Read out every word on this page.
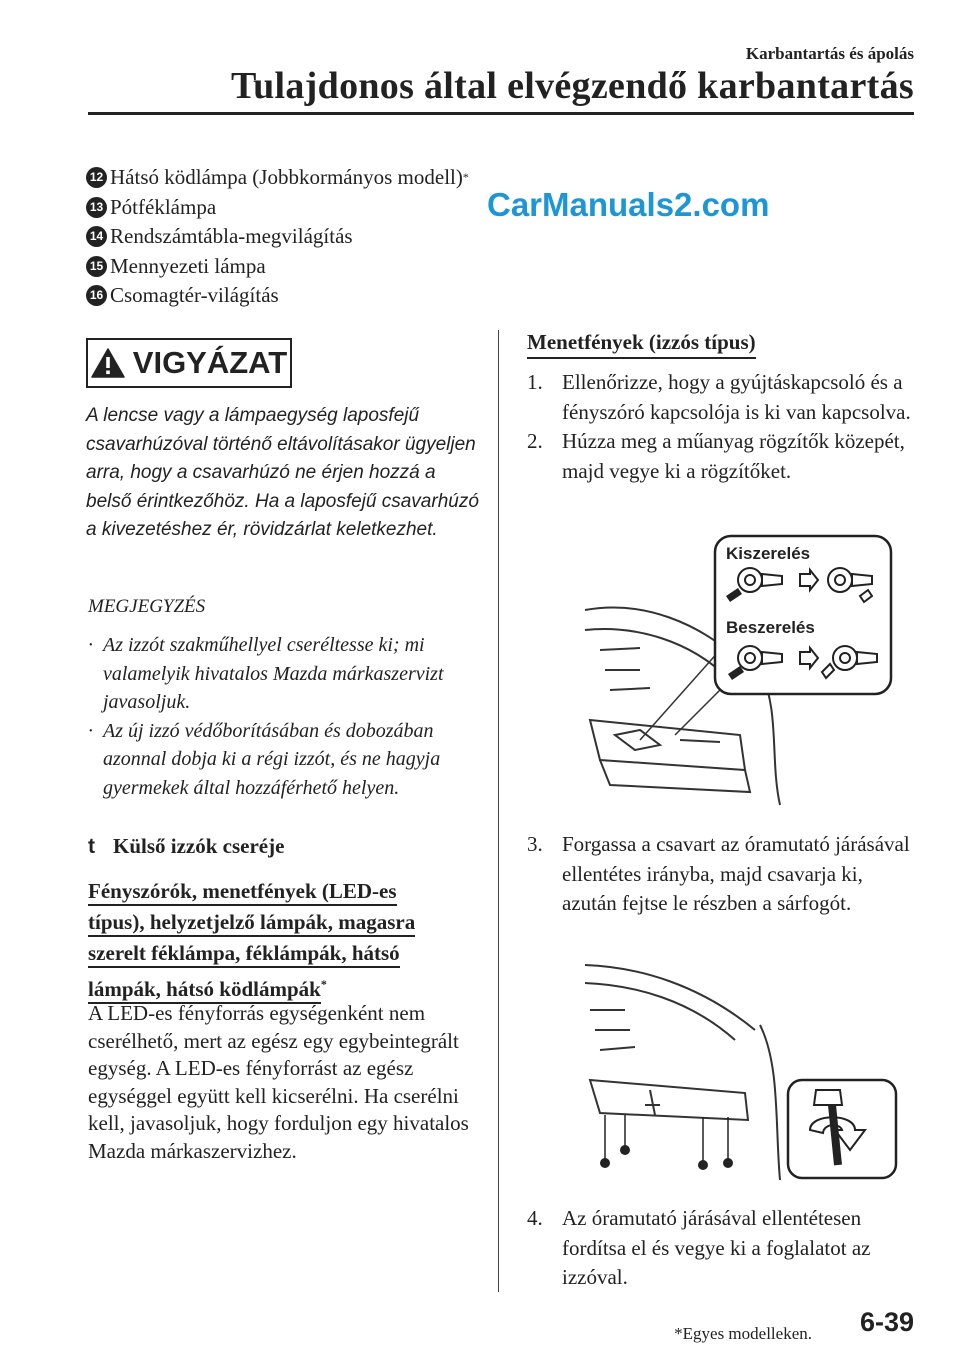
Karbantartás és ápolás
Tulajdonos által elvégzendő karbantartás
12 Hátsó ködlámpa (Jobbkormányos modell) *
13 Pótféklámpa
14 Rendszámtábla-megvilágítás
15 Mennyezeti lámpa
16 Csomagtér-világítás
CarManuals2.com
VIGYÁZAT
A lencse vagy a lámpaegység laposfejű csavarhúzóval történő eltávolításakor ügyeljen arra, hogy a csavarhúzó ne érjen hozzá a belső érintkezőhöz. Ha a laposfejű csavarhúzó a kivezetéshez ér, rövidzárlat keletkezhet.
MEGJEGYZÉS
· Az izzót szakműhellyel cseréltesse ki; mi valamelyik hivatalos Mazda márkaszervizt javasoljuk.
· Az új izzó védőborításában és dobozában azonnal dobja ki a régi izzót, és ne hagyja gyermekek által hozzáférhető helyen.
t Külső izzók cseréje
Fényszórók, menetfények (LED-es
típus), helyzetjelző lámpák, magasra
szerelt féklámpa, féklámpák, hátsó
lámpák, hátsó ködlámpák*
A LED-es fényforrás egységenként nem cserélhető, mert az egész egy egybeintegrált egység. A LED-es fényforrást az egész egységgel együtt kell kicserélni. Ha cserélni kell, javasoljuk, hogy forduljon egy hivatalos Mazda márkaszervizhez.
Menetfények (izzós típus)
1. Ellenőrizze, hogy a gyújtáskapcsoló és a fényszóró kapcsolója is ki van kapcsolva.
2. Húzza meg a műanyag rögzítők közepét, majd vegye ki a rögzítőket.
Kiszerelés
Beszerelés
3. Forgassa a csavart az óramutató járásával ellentétes irányba, majd csavarja ki, azután fejtse le részben a sárfogót.
4. Az óramutató járásával ellentétesen fordítsa el és vegye ki a foglalatot az izzóval.
*Egyes modelleken. 6-39
